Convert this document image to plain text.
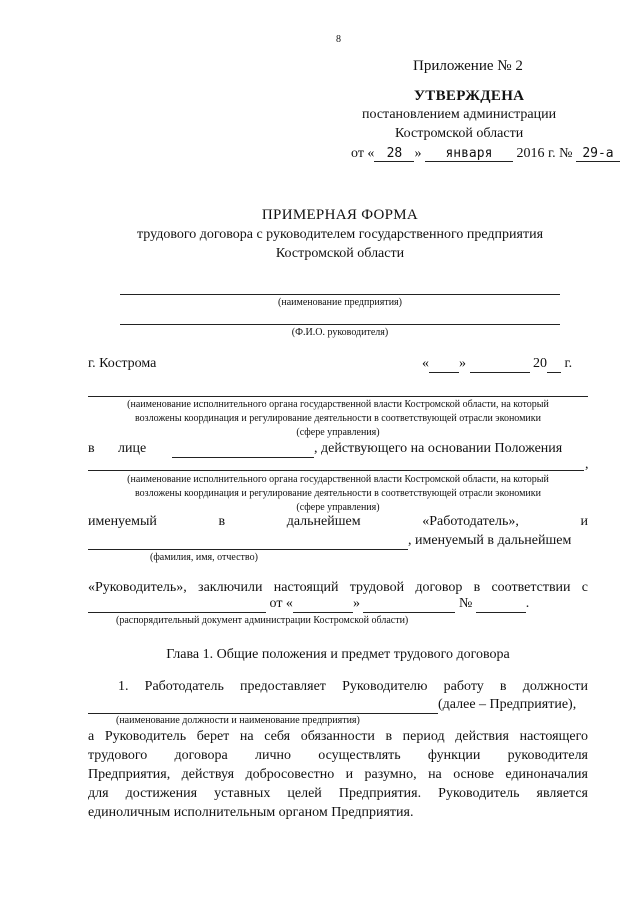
8
Приложение № 2
УТВЕРЖДЕНА
постановлением администрации
Костромской области
от « 28 » января 2016 г. № 29-а
ПРИМЕРНАЯ ФОРМА
трудового договора с руководителем государственного предприятия
Костромской области
(наименование предприятия)
(Ф.И.О. руководителя)
г. Кострома	« »	20 г.
(наименование исполнительного органа государственной власти Костромской области, на который
возложены координация и регулирование деятельности в соответствующей отрасли экономики
(сфере управления)
в лице	, действующего на основании Положения
,
(наименование исполнительного органа государственной власти Костромской области, на который
возложены координация и регулирование деятельности в соответствующей отрасли экономики
(сфере управления)
именуемый	в	дальнейшем	«Работодатель»,	и
, именуемый в дальнейшем
(фамилия, имя, отчество)
«Руководитель», заключили настоящий трудовой договор в соответствии с
от «	»	№	.
(распорядительный документ администрации Костромской области)
Глава 1. Общие положения и предмет трудового договора
1. Работодатель предоставляет Руководителю работу в должности
(далее – Предприятие),
(наименование должности и наименование предприятия)
а Руководитель берет на себя обязанности в период действия настоящего
трудового договора лично осуществлять функции руководителя
Предприятия, действуя добросовестно и разумно, на основе единоначалия
для достижения уставных целей Предприятия. Руководитель является
единоличным исполнительным органом Предприятия.
